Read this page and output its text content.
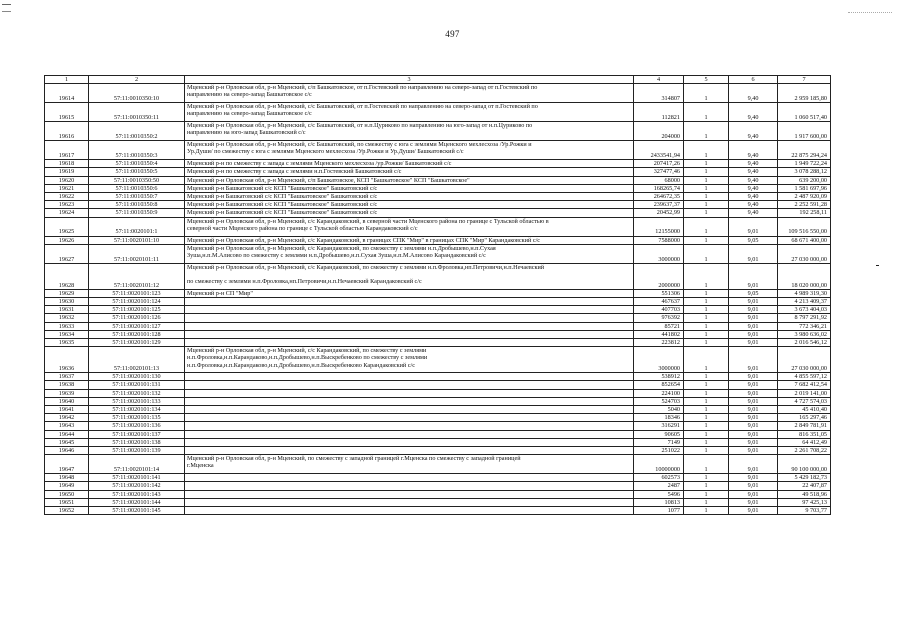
497
1	2	3	4	5	6	7
19614	57:11:0010350:10	Мценский р-н Орловская обл, р-н Мценский, с/п Башкатовское, от п.Гостевский по направлению на северо-запад от п.Гостевский по
направлению на северо-запад Башкатовское с/с	314807	1	9,40	2 959 185,80
19615	57:11:0010350:11	Мценский р-н Орловская обл, р-н Мценский, с/с Башкатовский, от п.Гостевский по направлению на северо-запад от п.Гостевский по
направлению на северо-запад Башкатовское с/с	112821	1	9,40	1 060 517,40
19616	57:11:0010350:2	Мценский р-н Орловская обл, р-н Мценский, с/с Башкатовский, от н.п.Цуриково по направлению на юго-запад от н.п.Цуриково по
направлению на юго-запад Башкатовский с/с	204000	1	9,40	1 917 600,00
19617	57:11:0010350:3	Мценский р-н Орловская обл, р-н Мценский, с/с Башкатовский, по смежеству с юга с землями Мценского мехлесхоза /Ур.Рожки и
Ур.Души/ по смежеству с юга с землями Мценского мехлесхоза /Ур.Рожки и Ур.Души/ Башкатовский с/с	2433541,94	1	9,40	22 875 294,24
19618	57:11:0010350:4	Мценский р-н по смежеству с запада с землями Мценского мехлесхоза /ур.Рожки/ Башкатовский с/с	207417,26	1	9,40	1 949 722,24
19619	57:11:0010350:5	Мценский р-н по смежеству с запада с землями н.п.Гостевский Башкатовский с/с	327477,46	1	9,40	3 078 288,12
19620	57:11:0010350:50	Мценский р-н Орловская обл, р-н Мценский, с/п Башкатовское, КСП "Башкатовское" КСП "Башкатовское"	68000	1	9,40	639 200,00
19621	57:11:0010350:6	Мценский р-н Башкатовский с/с КСП "Башкатовское" Башкатовский с/с	168265,74	1	9,40	1 581 697,96
19622	57:11:0010350:7	Мценский р-н Башкатовский с/с КСП "Башкатовское" Башкатовский с/с	264672,35	1	9,40	2 487 920,09
19623	57:11:0010350:8	Мценский р-н Башкатовский с/с КСП "Башкатовское" Башкатовский с/с	239637,37	1	9,40	2 252 591,28
19624	57:11:0010350:9	Мценский р-н Башкатовский с/с КСП "Башкатовское" Башкатовский с/с	20452,99	1	9,40	192 258,11
19625	57:11:0020101:1	Мценский р-н Орловская обл, р-н Мценский, с/с Карандаковский, в северной части Мценского района по границе с Тульской областью в
северной части Мценского района по границе с Тульской областью Карандаковский с/с	12155000	1	9,01	109 516 550,00
19626	57:11:0020101:10	Мценский р-н Орловская обл, р-н Мценский, с/с Карандаковский, в границах СПК "Мир" в границах СПК "Мир" Карандаковский с/с	7588000	1	9,05	68 671 400,00
19627	57:11:0020101:11	Мценский р-н Орловская обл, р-н Мценский, с/с Карандаковский, по смежеству с землями н.п.Дробышево,н.п.Сухая
Зуша,н.п.М.Алисово по смежеству с землями н.п.Дробышево,н.п.Сухая Зуша,н.п.М.Алисово Карандаковский с/с	3000000	1	9,01	27 030 000,00
19628	57:11:0020101:12	Мценский р-н Орловская обл, р-н Мценский, с/с Карандаковский, по смежеству с землями н.п.Фроловка,нп.Петровичи,н.п.Нечаевский

по смежеству с землями н.п.Фроловка,нп.Петровичи,н.п.Нечаевский Карандаковский с/с	2000000	1	9,01	18 020 000,00
19629	57:11:0020101:123	Мценский р-н СП "Мир"	551306	1	9,05	4 989 319,30
19630	57:11:0020101:124		467637	1	9,01	4 213 409,37
19631	57:11:0020101:125		407703	1	9,01	3 673 404,03
19632	57:11:0020101:126		976392	1	9,01	8 797 291,92
19633	57:11:0020101:127		85721	1	9,01	772 346,21
19634	57:11:0020101:128		441802	1	9,01	3 980 636,02
19635	57:11:0020101:129		223812	1	9,01	2 016 546,12
19636	57:11:0020101:13	Мценский р-н Орловская обл, р-н Мценский, с/с Карандаковский, по смежеству с землями
н.п.Фроловка,н.п.Карандаково,н.п.Дробышево,н.п.Выскребенково по смежеству с землями
н.п.Фроловка,н.п.Карандаково,н.п.Дробышево,н.п.Выскребенково Карандаковский с/с	3000000	1	9,01	27 030 000,00
19637	57:11:0020101:130		538912	1	9,01	4 855 597,12
19638	57:11:0020101:131		852654	1	9,01	7 682 412,54
19639	57:11:0020101:132		224100	1	9,01	2 019 141,00
19640	57:11:0020101:133		524703	1	9,01	4 727 574,03
19641	57:11:0020101:134		5040	1	9,01	45 410,40
19642	57:11:0020101:135		18346	1	9,01	165 297,46
19643	57:11:0020101:136		316291	1	9,01	2 849 781,91
19644	57:11:0020101:137		90605	1	9,01	816 351,05
19645	57:11:0020101:138		7149	1	9,01	64 412,49
19646	57:11:0020101:139		251022	1	9,01	2 261 708,22
19647	57:11:0020101:14	Мценский р-н Орловская обл, р-н Мценский, по смежеству с западной границей г.Мценска по смежеству с западной границей
г.Мценска	10000000	1	9,01	90 100 000,00
19648	57:11:0020101:141		602573	1	9,01	5 429 182,73
19649	57:11:0020101:142		2487	1	9,01	22 407,87
19650	57:11:0020101:143		5496	1	9,01	49 518,96
19651	57:11:0020101:144		10813	1	9,01	97 425,13
19652	57:11:0020101:145		1077	1	9,01	9 703,77
